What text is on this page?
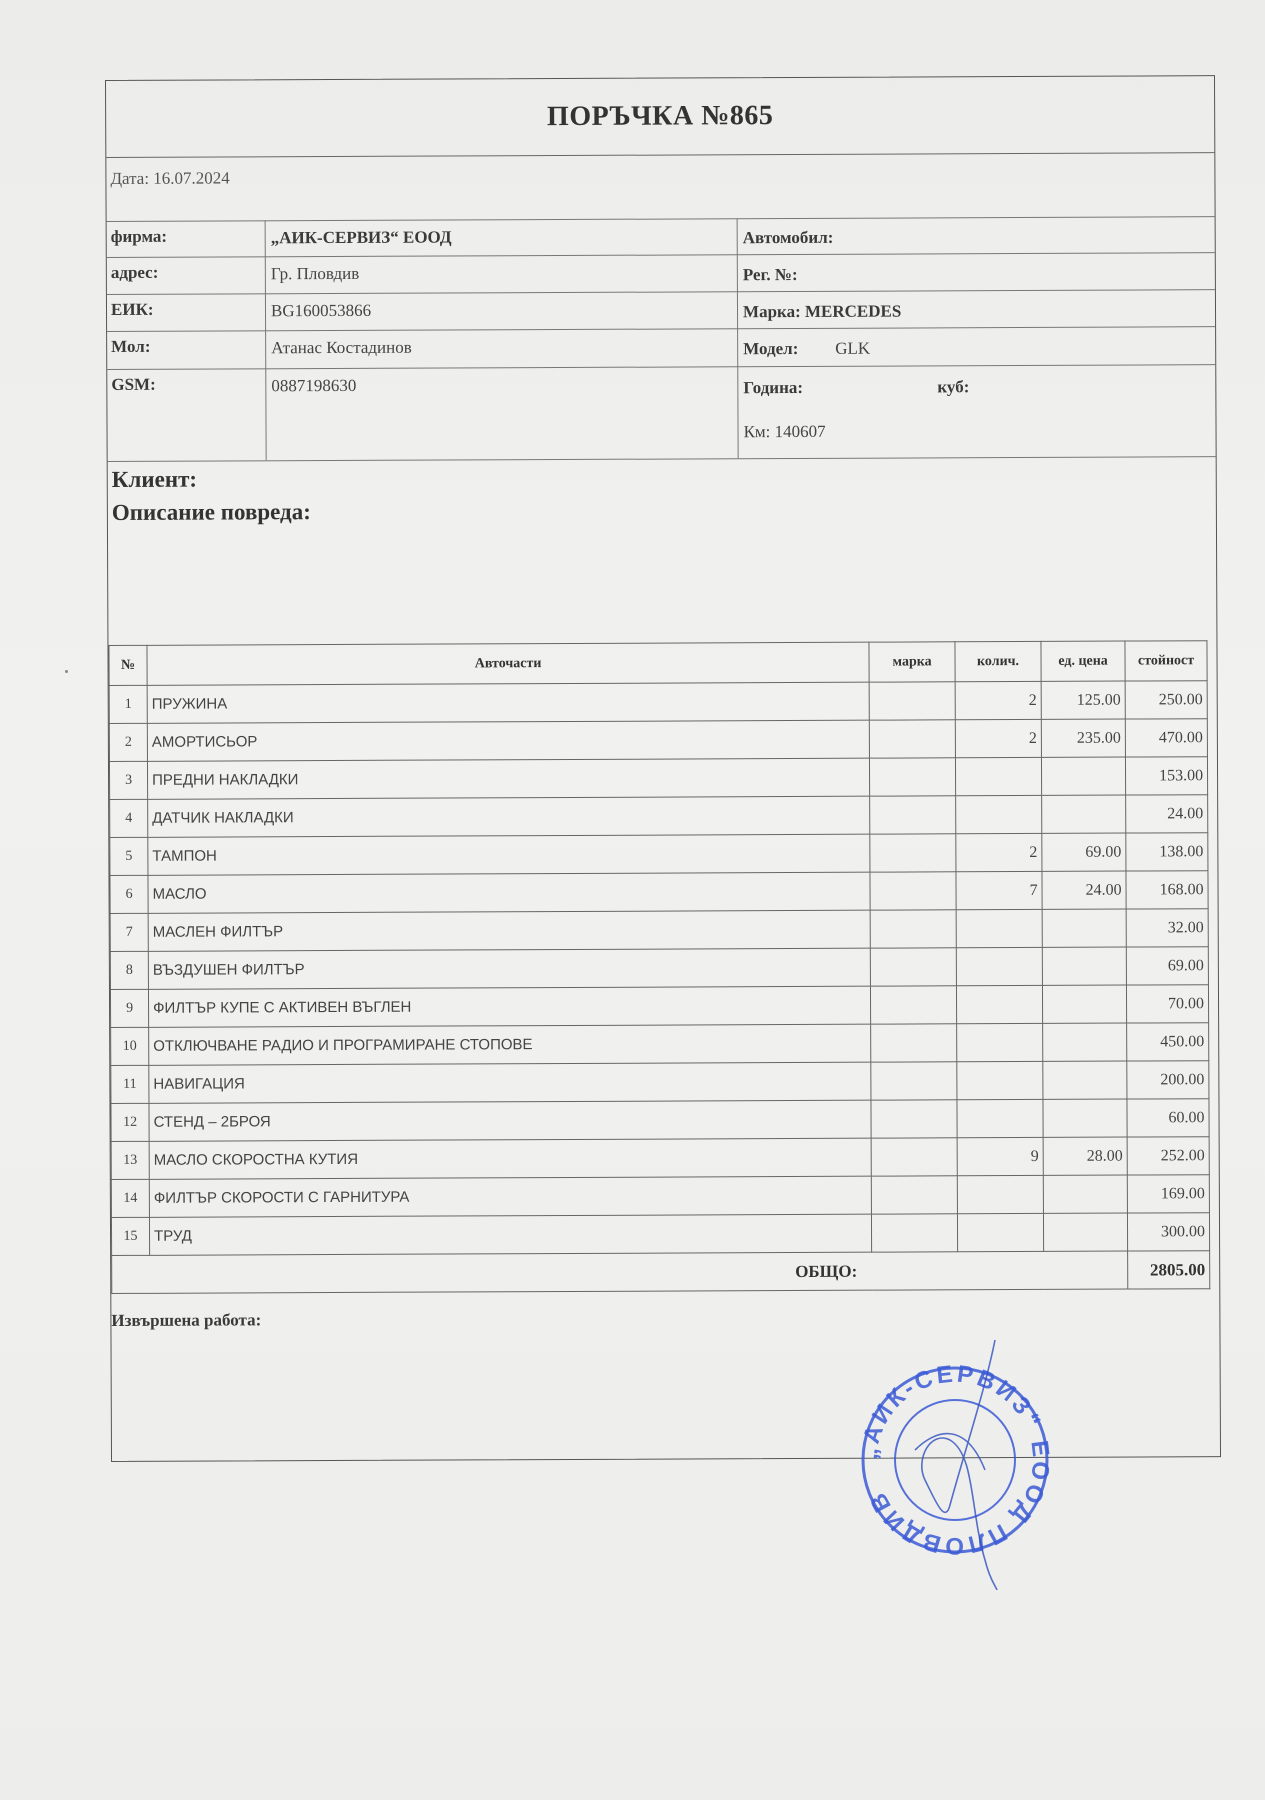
ПОРЪЧКА №865
Дата: 16.07.2024
фирма:	„АИК-СЕРВИЗ“ ЕООД
адрес:	Гр. Пловдив
ЕИК:	BG160053866
Мол:	Атанас Костадинов
GSM:	0887198630
Автомобил:
Рег. №:
Марка: MERCEDES
Модел: GLK
Година:	куб:
Км: 140607
Клиент:
Описание повреда:
№	Авточасти	марка	колич.	ед. цена	стойност
1	ПРУЖИНА		2	125.00	250.00
2	АМОРТИСЬОР		2	235.00	470.00
3	ПРЕДНИ НАКЛАДКИ				153.00
4	ДАТЧИК НАКЛАДКИ				24.00
5	ТАМПОН		2	69.00	138.00
6	МАСЛО		7	24.00	168.00
7	МАСЛЕН ФИЛТЪР				32.00
8	ВЪЗДУШЕН ФИЛТЪР				69.00
9	ФИЛТЪР КУПЕ С АКТИВЕН ВЪГЛЕН				70.00
10	ОТКЛЮЧВАНЕ РАДИО И ПРОГРАМИРАНЕ СТОПОВЕ				450.00
11	НАВИГАЦИЯ				200.00
12	СТЕНД – 2БРОЯ				60.00
13	МАСЛО СКОРОСТНА КУТИЯ		9	28.00	252.00
14	ФИЛТЪР СКОРОСТИ С ГАРНИТУРА				169.00
15	ТРУД				300.00
ОБЩО:					2805.00
Извършена работа:
„АИК-СЕРВИЗ“ ЕООД ПЛОВДИВ
